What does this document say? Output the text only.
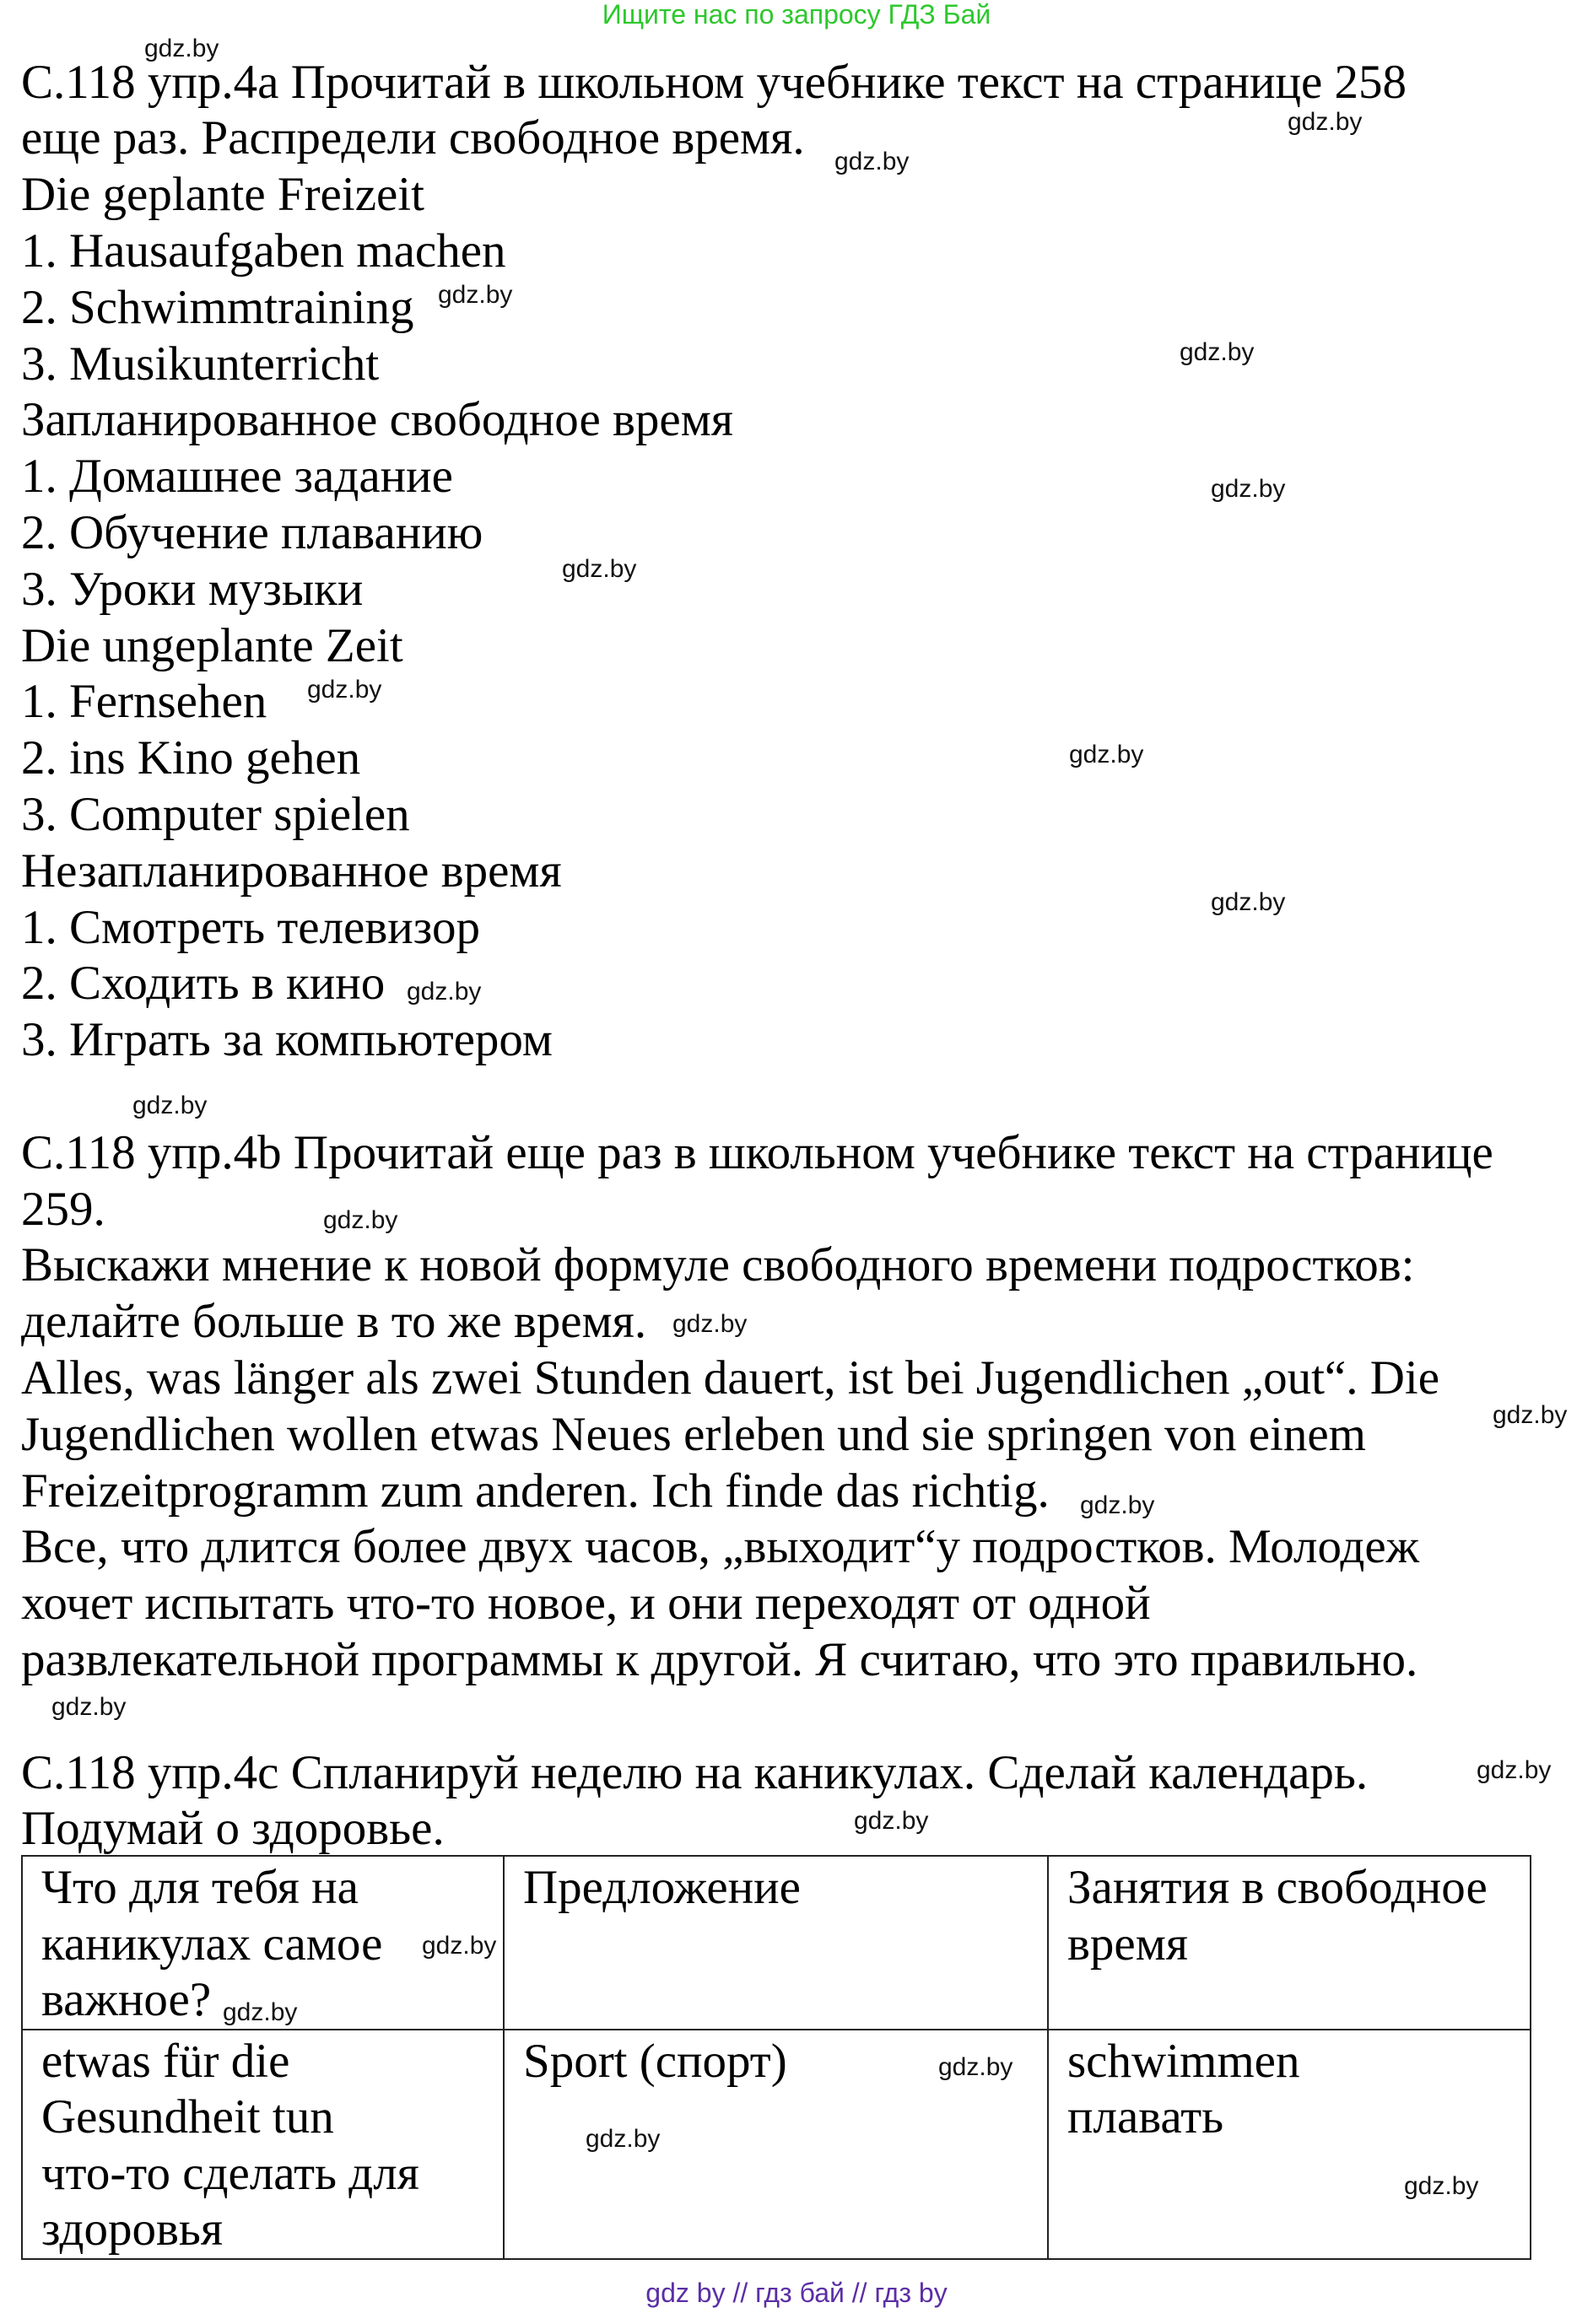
Ищите нас по запросу ГДЗ Бай
C.118 упр.4a Прочитай в школьном учебнике текст на странице 258
еще раз. Распредели свободное время.
Die geplante Freizeit
1. Hausaufgaben machen
2. Schwimmtraining
3. Musikunterricht
Запланированное свободное время
1. Домашнее задание
2. Обучение плаванию
3. Уроки музыки
Die ungeplante Zeit
1. Fernsehen
2. ins Kino gehen
3. Computer spielen
Незапланированное время
1. Смотреть телевизор
2. Сходить в кино
3. Играть за компьютером
C.118 упр.4b Прочитай еще раз в школьном учебнике текст на странице
259.
Выскажи мнение к новой формуле свободного времени подростков:
делайте больше в то же время.
Alles, was länger als zwei Stunden dauert, ist bei Jugendlichen „out“. Die
Jugendlichen wollen etwas Neues erleben und sie springen von einem
Freizeitprogramm zum anderen. Ich finde das richtig.
Все, что длится более двух часов, „выходит“у подростков. Молодеж
хочет испытать что-то новое, и они переходят от одной
развлекательной программы к другой. Я считаю, что это правильно.
C.118 упр.4c Спланируй неделю на каникулах. Сделай календарь.
Подумай о здоровье.
Что для тебя на
каникулах самое
важное?	Предложение	Занятия в свободное
время

etwas für die
Gesundheit tun
что-то сделать для
здоровья	Sport (спорт)	schwimmen
плавать
gdz.by
gdz.by
gdz.by
gdz.by
gdz.by
gdz.by
gdz.by
gdz.by
gdz.by
gdz.by
gdz.by
gdz.by
gdz.by
gdz.by
gdz.by
gdz.by
gdz.by
gdz.by
gdz.by
gdz.by
gdz.by
gdz.by
gdz.by
gdz.by
gdz by // гдз бай // гдз by
